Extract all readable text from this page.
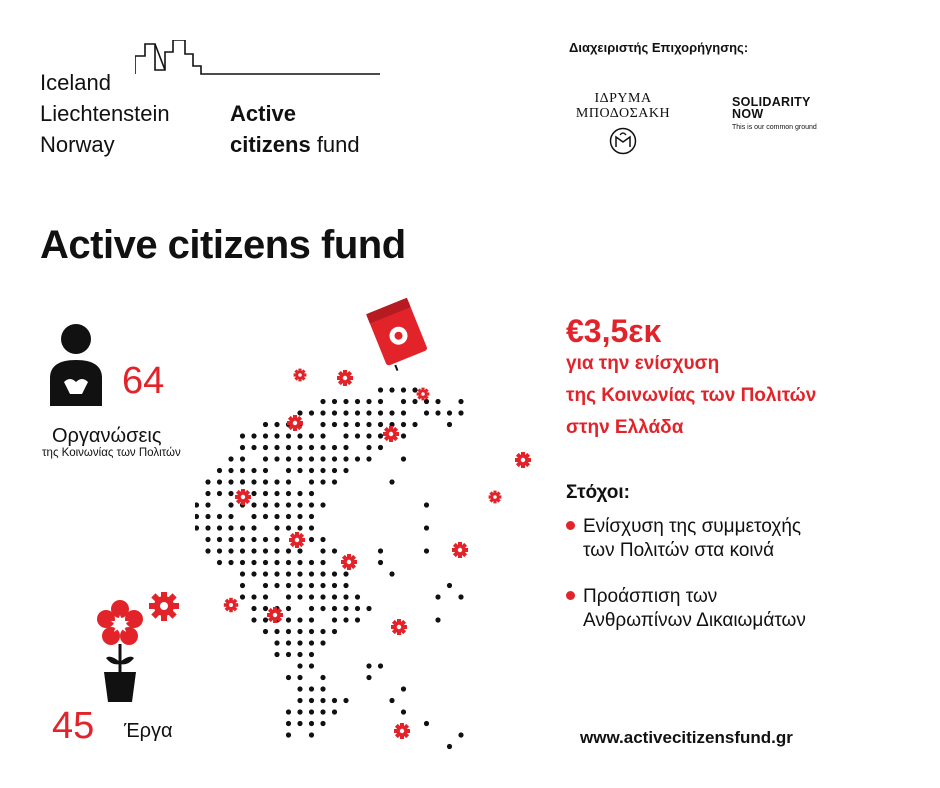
Iceland
Liechtenstein
Norway
Active
citizens fund
Διαχειριστής Επιχορήγησης:
ΙΔΡΥΜΑ
ΜΠΟΔΟΣΑΚΗ
SOLIDARITY
NOW
This is our common ground
Active citizens fund
64
Οργανώσεις
της Κοινωνίας των Πολιτών
45 Έργα
€3,5εκ
για την ενίσχυση
της Κοινωνίας των Πολιτών
στην Ελλάδα
Στόχοι:
Ενίσχυση της συμμετοχής
των Πολιτών στα κοινά
Προάσπιση των
Ανθρωπίνων Δικαιωμάτων
www.activecitizensfund.gr
